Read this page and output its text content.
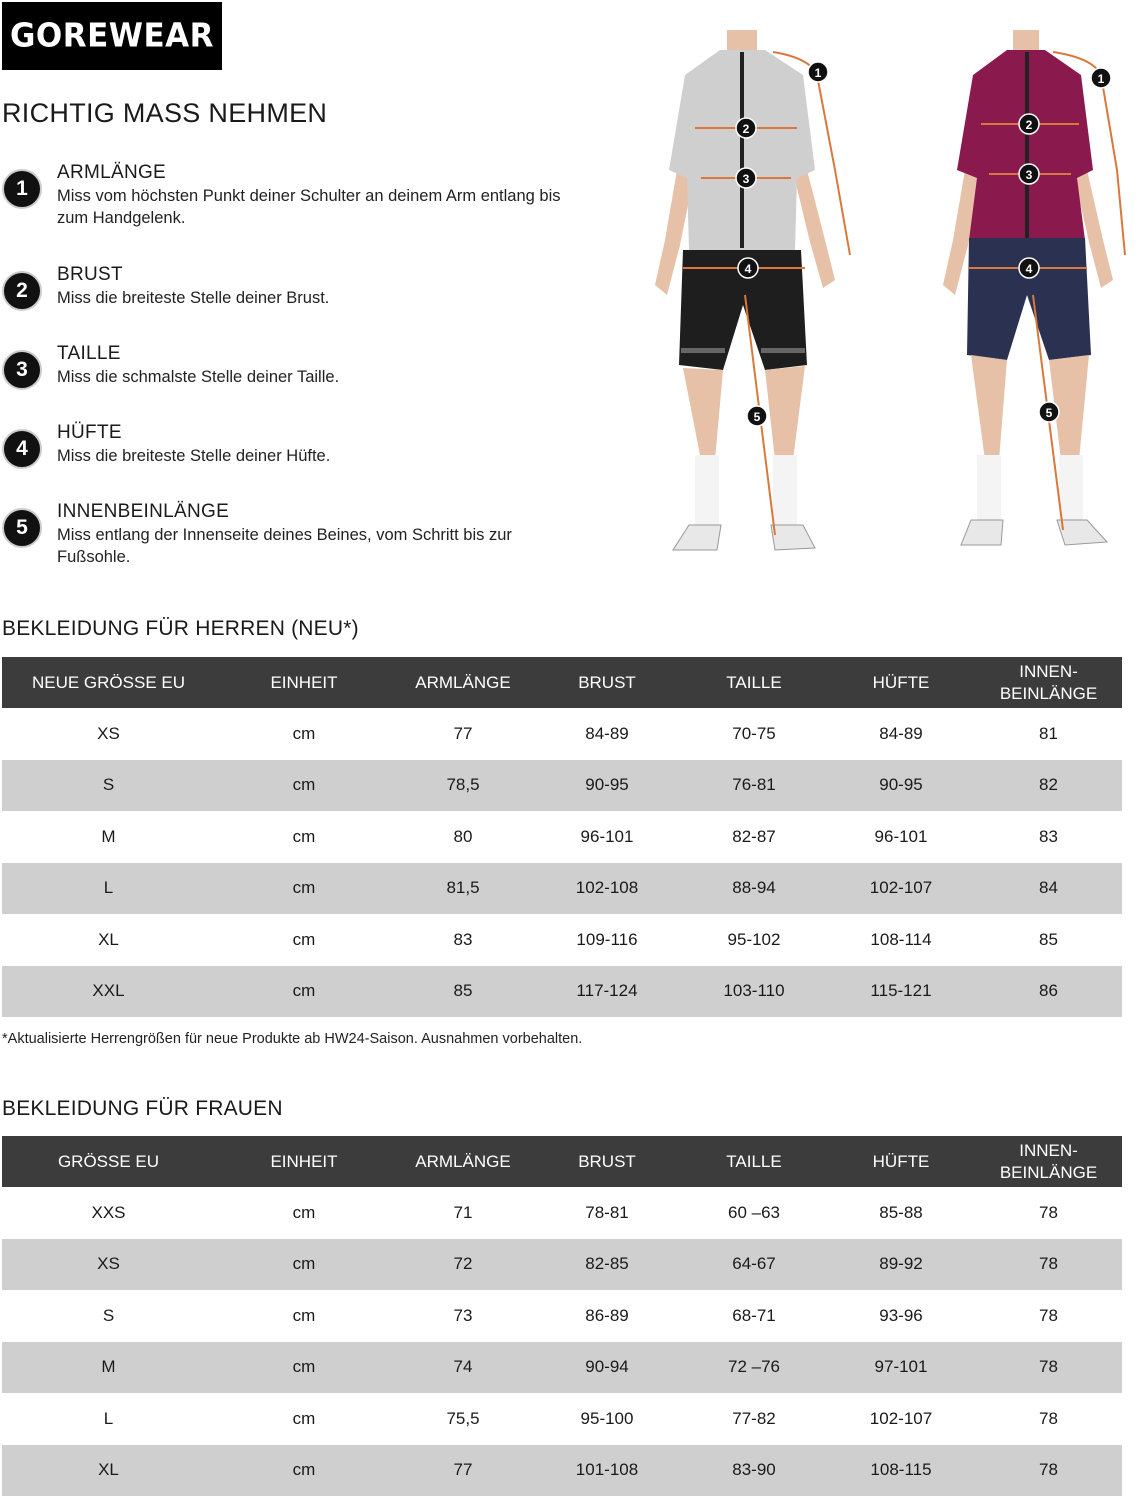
GOREWEAR
RICHTIG MASS NEHMEN
1
ARMLÄNGE
Miss vom höchsten Punkt deiner Schulter an deinem Arm entlang bis zum Handgelenk.
2
BRUST
Miss die breiteste Stelle deiner Brust.
3
TAILLE
Miss die schmalste Stelle deiner Taille.
4
HÜFTE
Miss die breiteste Stelle deiner Hüfte.
5
INNENBEINLÄNGE
Miss entlang der Innenseite deines Beines, vom Schritt bis zur Fußsohle.
1
2
3
4
5
1
2
3
4
5
BEKLEIDUNG FÜR HERREN (NEU*)
NEUE GRÖSSE EU	EINHEIT	ARMLÄNGE	BRUST	TAILLE	HÜFTE	INNEN-
BEINLÄNGE
XS	cm	77	84-89	70-75	84-89	81
S	cm	78,5	90-95	76-81	90-95	82
M	cm	80	96-101	82-87	96-101	83
L	cm	81,5	102-108	88-94	102-107	84
XL	cm	83	109-116	95-102	108-114	85
XXL	cm	85	117-124	103-110	115-121	86
*Aktualisierte Herrengrößen für neue Produkte ab HW24-Saison. Ausnahmen vorbehalten.
BEKLEIDUNG FÜR FRAUEN
GRÖSSE EU	EINHEIT	ARMLÄNGE	BRUST	TAILLE	HÜFTE	INNEN-
BEINLÄNGE
XXS	cm	71	78-81	60 –63	85-88	78
XS	cm	72	82-85	64-67	89-92	78
S	cm	73	86-89	68-71	93-96	78
M	cm	74	90-94	72 –76	97-101	78
L	cm	75,5	95-100	77-82	102-107	78
XL	cm	77	101-108	83-90	108-115	78
